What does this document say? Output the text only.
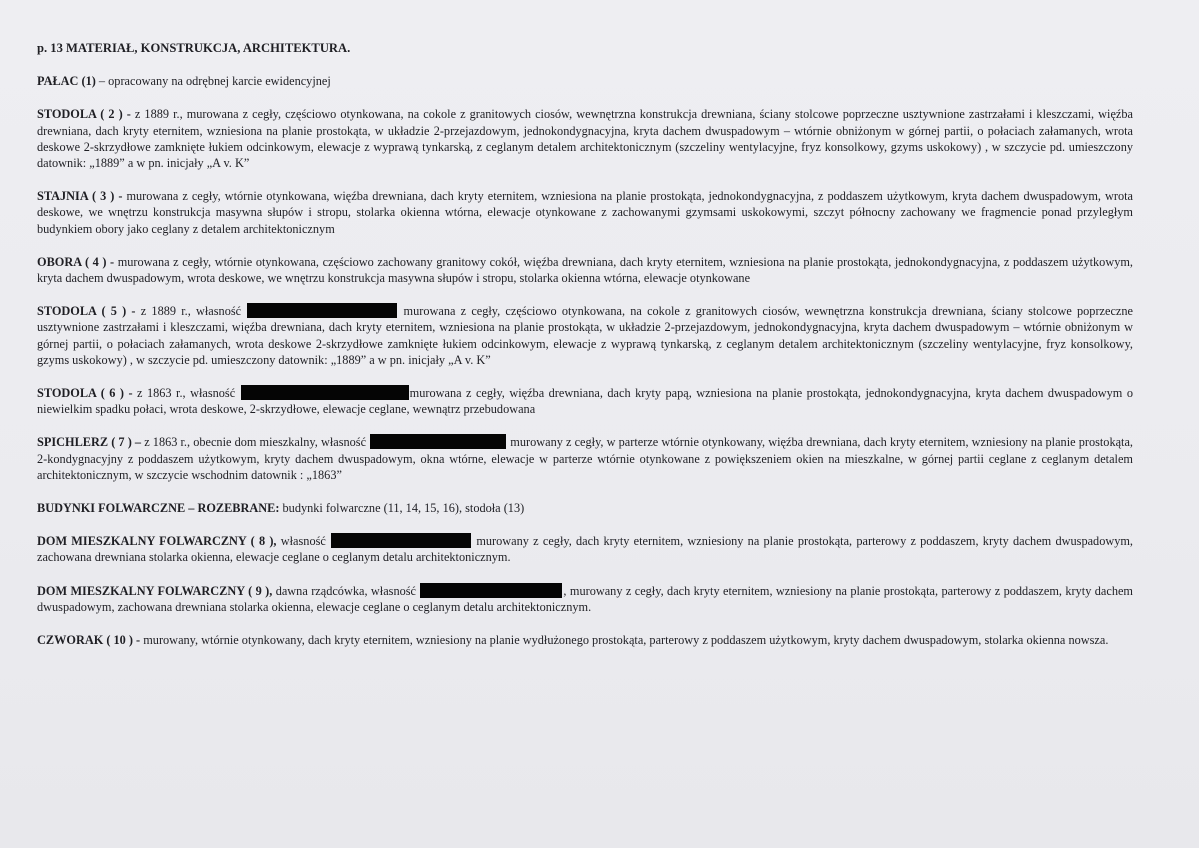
p. 13 MATERIAŁ, KONSTRUKCJA, ARCHITEKTURA.

PAŁAC (1) – opracowany na odrębnej karcie ewidencyjnej

STODOLA ( 2 ) - z 1889 r., murowana z cegły, częściowo otynkowana, na cokole z granitowych ciosów, wewnętrzna konstrukcja drewniana, ściany stolcowe poprzeczne usztywnione zastrzałami i kleszczami, więźba drewniana, dach kryty eternitem, wzniesiona na planie prostokąta, w układzie 2-przejazdowym, jednokondygnacyjna, kryta dachem dwuspadowym – wtórnie obniżonym w górnej partii, o połaciach załamanych, wrota deskowe 2-skrzydłowe zamknięte łukiem odcinkowym, elewacje z wyprawą tynkarską, z ceglanym detalem architektonicznym (szczeliny wentylacyjne, fryz konsolkowy, gzyms uskokowy) , w szczycie pd. umieszczony datownik: „1889” a w pn. inicjały „A v. K”

STAJNIA ( 3 ) - murowana z cegły, wtórnie otynkowana, więźba drewniana, dach kryty eternitem, wzniesiona na planie prostokąta, jednokondygnacyjna, z poddaszem użytkowym, kryta dachem dwuspadowym, wrota deskowe, we wnętrzu konstrukcja masywna słupów i stropu, stolarka okienna wtórna, elewacje otynkowane z zachowanymi gzymsami uskokowymi, szczyt północny zachowany we fragmencie ponad przyległym budynkiem obory jako ceglany z detalem architektonicznym

OBORA ( 4 ) - murowana z cegły, wtórnie otynkowana, częściowo zachowany granitowy cokół, więźba drewniana, dach kryty eternitem, wzniesiona na planie prostokąta, jednokondygnacyjna, z poddaszem użytkowym, kryta dachem dwuspadowym, wrota deskowe, we wnętrzu konstrukcja masywna słupów i stropu, stolarka okienna wtórna, elewacje otynkowane

STODOLA ( 5 ) - z 1889 r., własność	murowana z cegły, częściowo otynkowana, na cokole z granitowych ciosów, wewnętrzna konstrukcja drewniana, ściany stolcowe poprzeczne usztywnione zastrzałami i kleszczami, więźba drewniana, dach kryty eternitem, wzniesiona na planie prostokąta, w układzie 2-przejazdowym, jednokondygnacyjna, kryta dachem dwuspadowym – wtórnie obniżonym w górnej partii, o połaciach załamanych, wrota deskowe 2-skrzydłowe zamknięte łukiem odcinkowym, elewacje z wyprawą tynkarską, z ceglanym detalem architektonicznym (szczeliny wentylacyjne, fryz konsolkowy, gzyms uskokowy) , w szczycie pd. umieszczony datownik: „1889” a w pn. inicjały „A v. K”

STODOLA ( 6 ) - z 1863 r., własność	murowana z cegły, więźba drewniana, dach kryty papą, wzniesiona na planie prostokąta, jednokondygnacyjna, kryta dachem dwuspadowym o niewielkim spadku połaci, wrota deskowe, 2-skrzydłowe, elewacje ceglane, wewnątrz przebudowana

SPICHLERZ ( 7 ) – z 1863 r., obecnie dom mieszkalny, własność	murowany z cegły, w parterze wtórnie otynkowany, więźba drewniana, dach kryty eternitem, wzniesiony na planie prostokąta, 2-kondygnacyjny z poddaszem użytkowym, kryty dachem dwuspadowym, okna wtórne, elewacje w parterze wtórnie otynkowane z powiększeniem okien na mieszkalne, w górnej partii ceglane z ceglanym detalem architektonicznym, w szczycie wschodnim datownik : „1863”

BUDYNKI FOLWARCZNE – ROZEBRANE: budynki folwarczne (11, 14, 15, 16), stodoła (13)

DOM MIESZKALNY FOLWARCZNY ( 8 ), własność	murowany z cegły, dach kryty eternitem, wzniesiony na planie prostokąta, parterowy z poddaszem, kryty dachem dwuspadowym, zachowana drewniana stolarka okienna, elewacje ceglane o ceglanym detalu architektonicznym.

DOM MIESZKALNY FOLWARCZNY ( 9 ), dawna rządcówka, własność	, murowany z cegły, dach kryty eternitem, wzniesiony na planie prostokąta, parterowy z poddaszem, kryty dachem dwuspadowym, zachowana drewniana stolarka okienna, elewacje ceglane o ceglanym detalu architektonicznym.

CZWORAK ( 10 ) - murowany, wtórnie otynkowany, dach kryty eternitem, wzniesiony na planie wydłużonego prostokąta, parterowy z poddaszem użytkowym, kryty dachem dwuspadowym, stolarka okienna nowsza.
